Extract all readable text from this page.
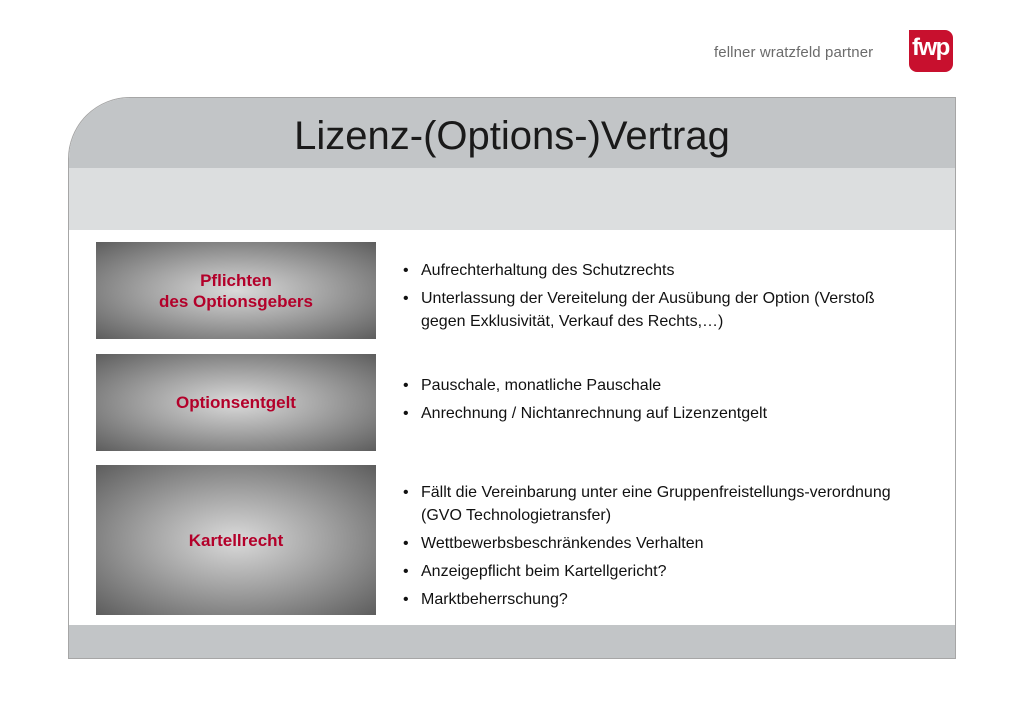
fellner wratzfeld partner fwp
Lizenz-(Options-)Vertrag
Pflichten
des Optionsgebers
• Aufrechterhaltung des Schutzrechts
• Unterlassung der Vereitelung der Ausübung der Option (Verstoß gegen Exklusivität, Verkauf des Rechts,…)
Optionsentgelt
• Pauschale, monatliche Pauschale
• Anrechnung / Nichtanrechnung auf Lizenzentgelt
Kartellrecht
• Fällt die Vereinbarung unter eine Gruppenfreistellungs-verordnung (GVO Technologietransfer)
• Wettbewerbsbeschränkendes Verhalten
• Anzeigepflicht beim Kartellgericht?
• Marktbeherrschung?
